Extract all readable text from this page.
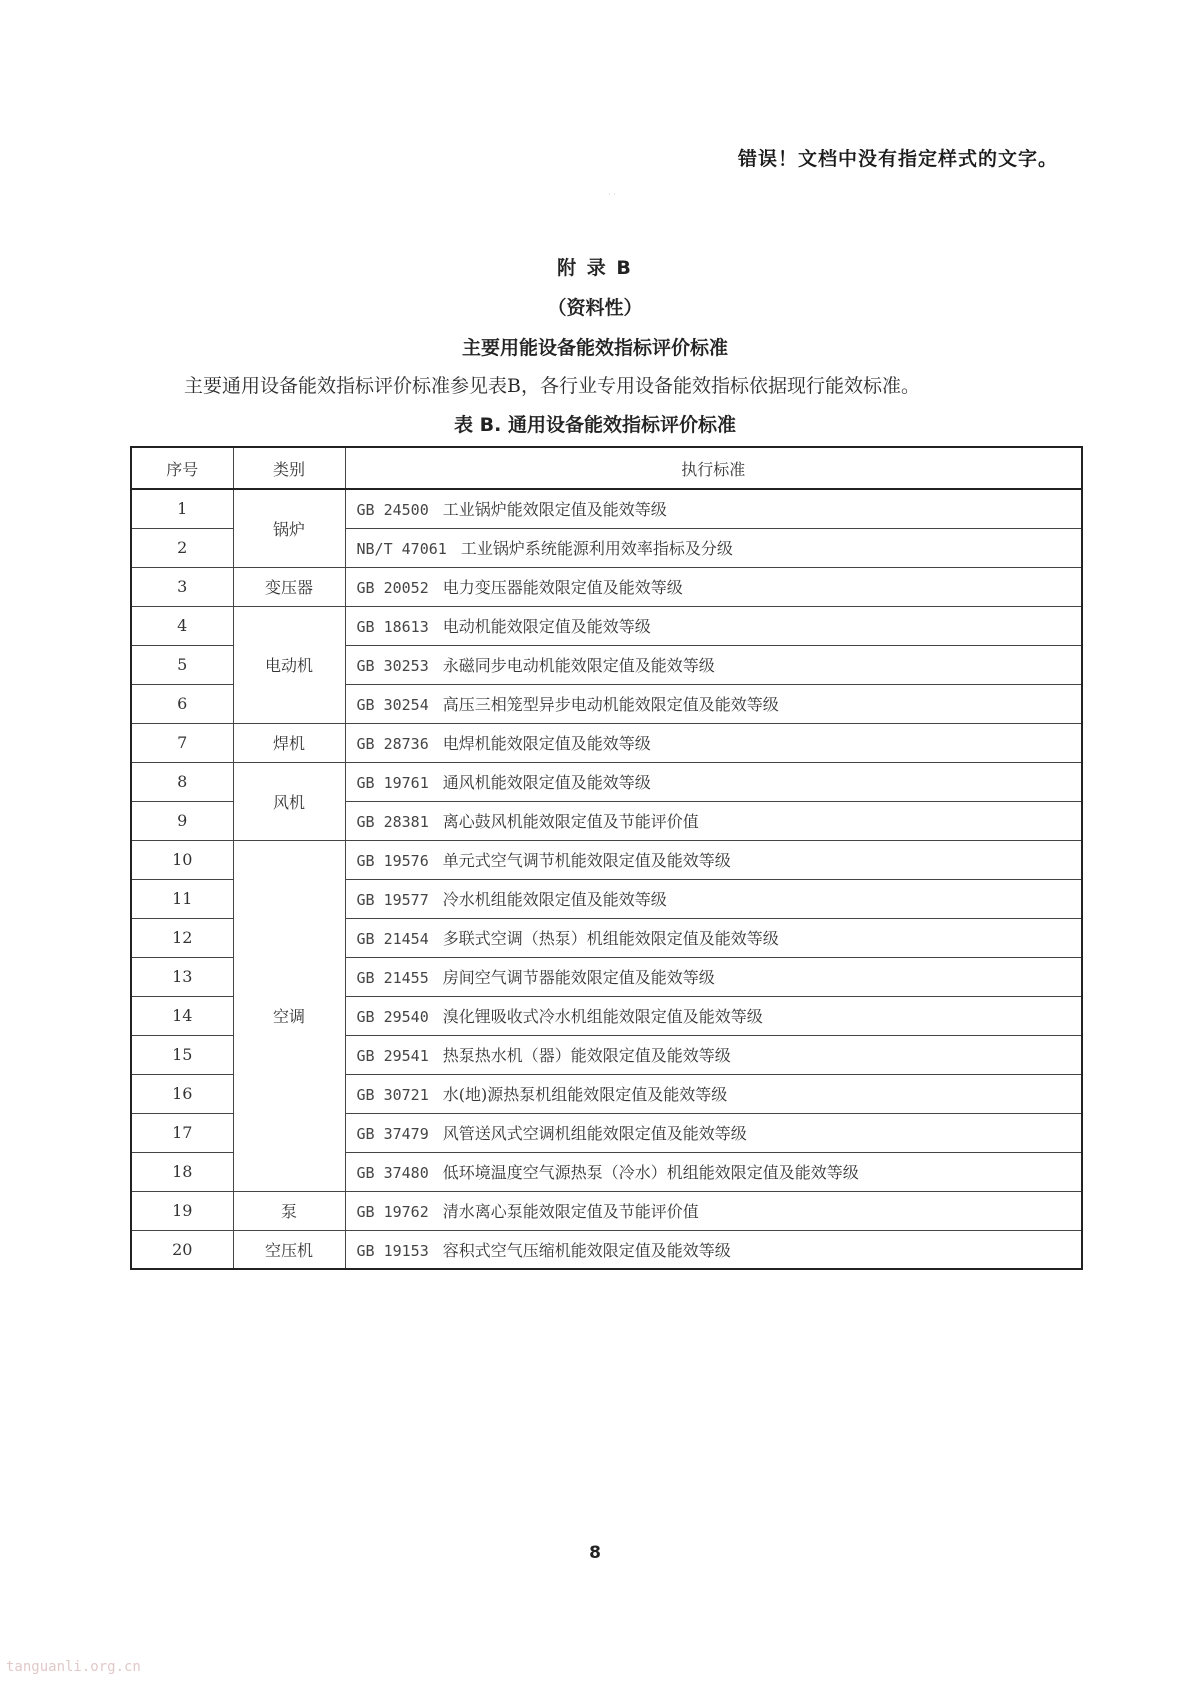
错误！文档中没有指定样式的文字。
· ·
附 录 B
（资料性）
主要用能设备能效指标评价标准
主要通用设备能效指标评价标准参见表B，各行业专用设备能效指标依据现行能效标准。
表 B. 通用设备能效指标评价标准
序号	类别	执行标准
1	锅炉	GB 24500 工业锅炉能效限定值及能效等级
2		NB/T 47061 工业锅炉系统能源利用效率指标及分级
3	变压器	GB 20052 电力变压器能效限定值及能效等级
4	电动机	GB 18613 电动机能效限定值及能效等级
5		GB 30253 永磁同步电动机能效限定值及能效等级
6		GB 30254 高压三相笼型异步电动机能效限定值及能效等级
7	焊机	GB 28736 电焊机能效限定值及能效等级
8	风机	GB 19761 通风机能效限定值及能效等级
9		GB 28381 离心鼓风机能效限定值及节能评价值
10	空调	GB 19576 单元式空气调节机能效限定值及能效等级
11		GB 19577 冷水机组能效限定值及能效等级
12		GB 21454 多联式空调（热泵）机组能效限定值及能效等级
13		GB 21455 房间空气调节器能效限定值及能效等级
14		GB 29540 溴化锂吸收式冷水机组能效限定值及能效等级
15		GB 29541 热泵热水机（器）能效限定值及能效等级
16		GB 30721 水(地)源热泵机组能效限定值及能效等级
17		GB 37479 风管送风式空调机组能效限定值及能效等级
18		GB 37480 低环境温度空气源热泵（冷水）机组能效限定值及能效等级
19	泵	GB 19762 清水离心泵能效限定值及节能评价值
20	空压机	GB 19153 容积式空气压缩机能效限定值及能效等级
8
tanguanli.org.cn
